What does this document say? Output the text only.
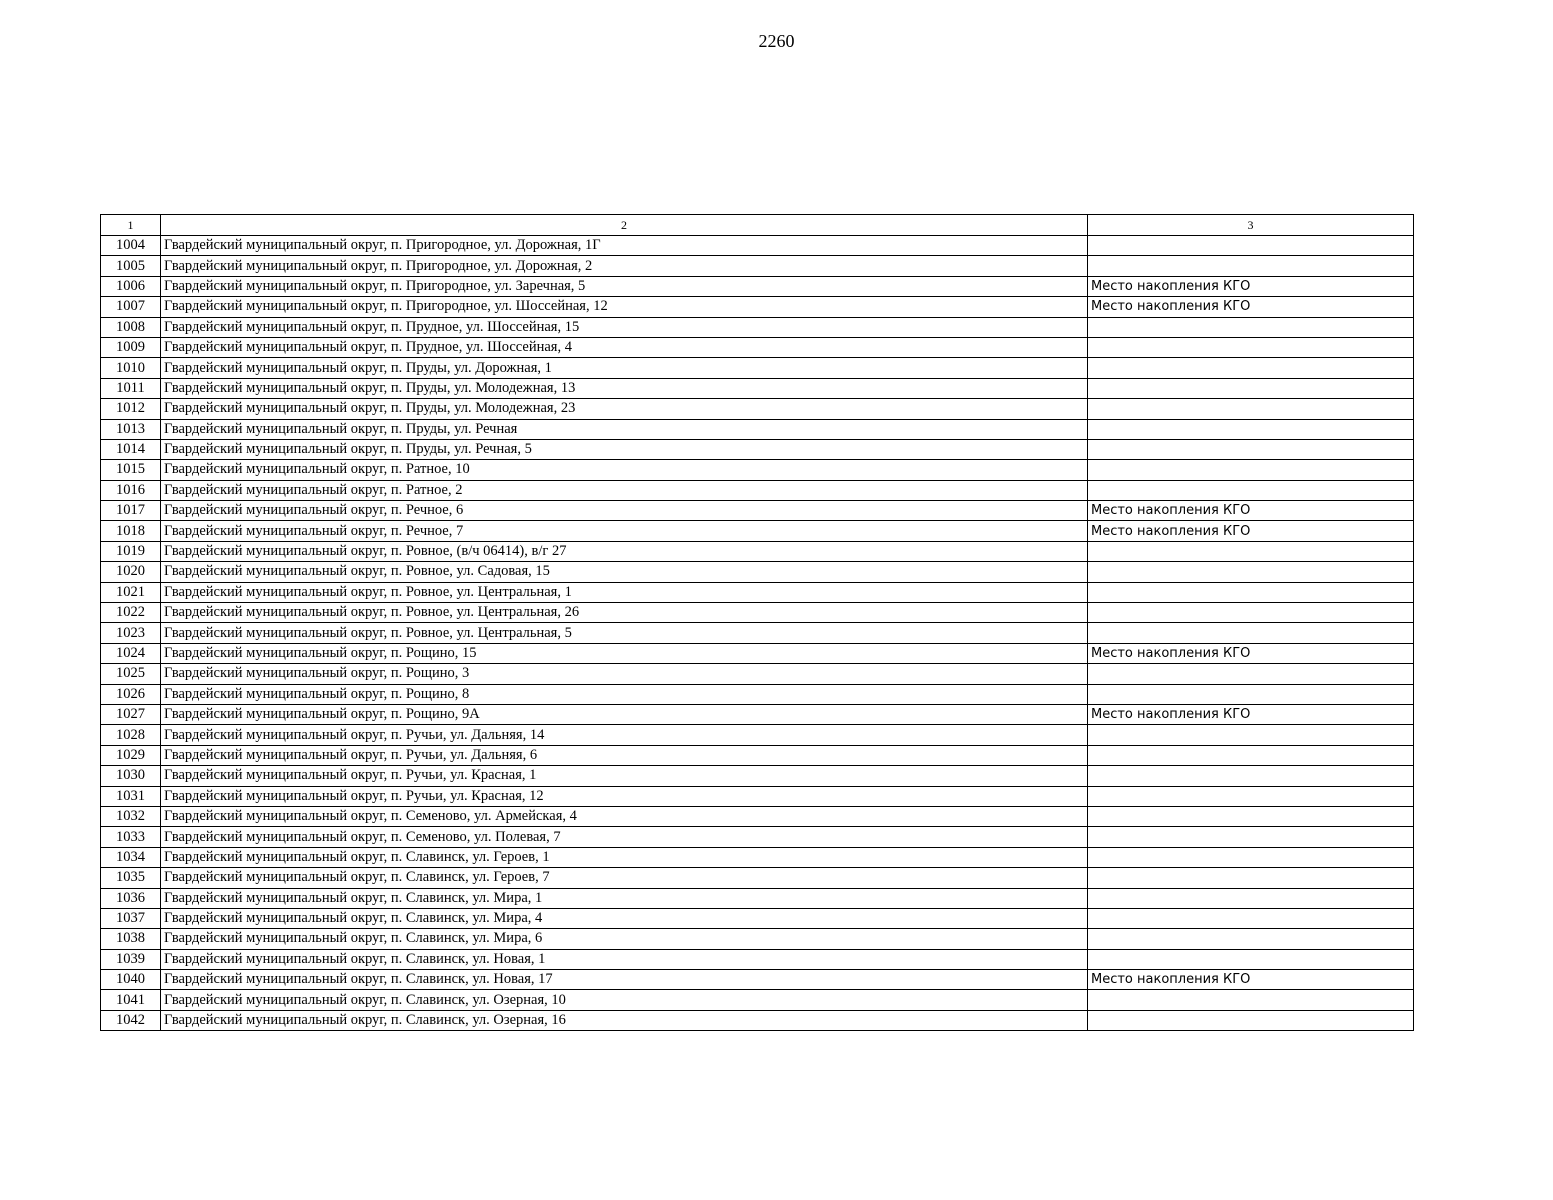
2260
1	2	3
1004	Гвардейский муниципальный округ, п. Пригородное, ул. Дорожная, 1Г	
1005	Гвардейский муниципальный округ, п. Пригородное, ул. Дорожная, 2	
1006	Гвардейский муниципальный округ, п. Пригородное, ул. Заречная, 5	Место накопления КГО
1007	Гвардейский муниципальный округ, п. Пригородное, ул. Шоссейная, 12	Место накопления КГО
1008	Гвардейский муниципальный округ, п. Прудное, ул. Шоссейная, 15	
1009	Гвардейский муниципальный округ, п. Прудное, ул. Шоссейная, 4	
1010	Гвардейский муниципальный округ, п. Пруды, ул. Дорожная, 1	
1011	Гвардейский муниципальный округ, п. Пруды, ул. Молодежная, 13	
1012	Гвардейский муниципальный округ, п. Пруды, ул. Молодежная, 23	
1013	Гвардейский муниципальный округ, п. Пруды, ул. Речная	
1014	Гвардейский муниципальный округ, п. Пруды, ул. Речная, 5	
1015	Гвардейский муниципальный округ, п. Ратное, 10	
1016	Гвардейский муниципальный округ, п. Ратное, 2	
1017	Гвардейский муниципальный округ, п. Речное, 6	Место накопления КГО
1018	Гвардейский муниципальный округ, п. Речное, 7	Место накопления КГО
1019	Гвардейский муниципальный округ, п. Ровное, (в/ч 06414), в/г 27	
1020	Гвардейский муниципальный округ, п. Ровное, ул. Садовая, 15	
1021	Гвардейский муниципальный округ, п. Ровное, ул. Центральная, 1	
1022	Гвардейский муниципальный округ, п. Ровное, ул. Центральная, 26	
1023	Гвардейский муниципальный округ, п. Ровное, ул. Центральная, 5	
1024	Гвардейский муниципальный округ, п. Рощино, 15	Место накопления КГО
1025	Гвардейский муниципальный округ, п. Рощино, 3	
1026	Гвардейский муниципальный округ, п. Рощино, 8	
1027	Гвардейский муниципальный округ, п. Рощино, 9А	Место накопления КГО
1028	Гвардейский муниципальный округ, п. Ручьи, ул. Дальняя, 14	
1029	Гвардейский муниципальный округ, п. Ручьи, ул. Дальняя, 6	
1030	Гвардейский муниципальный округ, п. Ручьи, ул. Красная, 1	
1031	Гвардейский муниципальный округ, п. Ручьи, ул. Красная, 12	
1032	Гвардейский муниципальный округ, п. Семеново, ул. Армейская, 4	
1033	Гвардейский муниципальный округ, п. Семеново, ул. Полевая, 7	
1034	Гвардейский муниципальный округ, п. Славинск, ул. Героев, 1	
1035	Гвардейский муниципальный округ, п. Славинск, ул. Героев, 7	
1036	Гвардейский муниципальный округ, п. Славинск, ул. Мира, 1	
1037	Гвардейский муниципальный округ, п. Славинск, ул. Мира, 4	
1038	Гвардейский муниципальный округ, п. Славинск, ул. Мира, 6	
1039	Гвардейский муниципальный округ, п. Славинск, ул. Новая, 1	
1040	Гвардейский муниципальный округ, п. Славинск, ул. Новая, 17	Место накопления КГО
1041	Гвардейский муниципальный округ, п. Славинск, ул. Озерная, 10	
1042	Гвардейский муниципальный округ, п. Славинск, ул. Озерная, 16	
